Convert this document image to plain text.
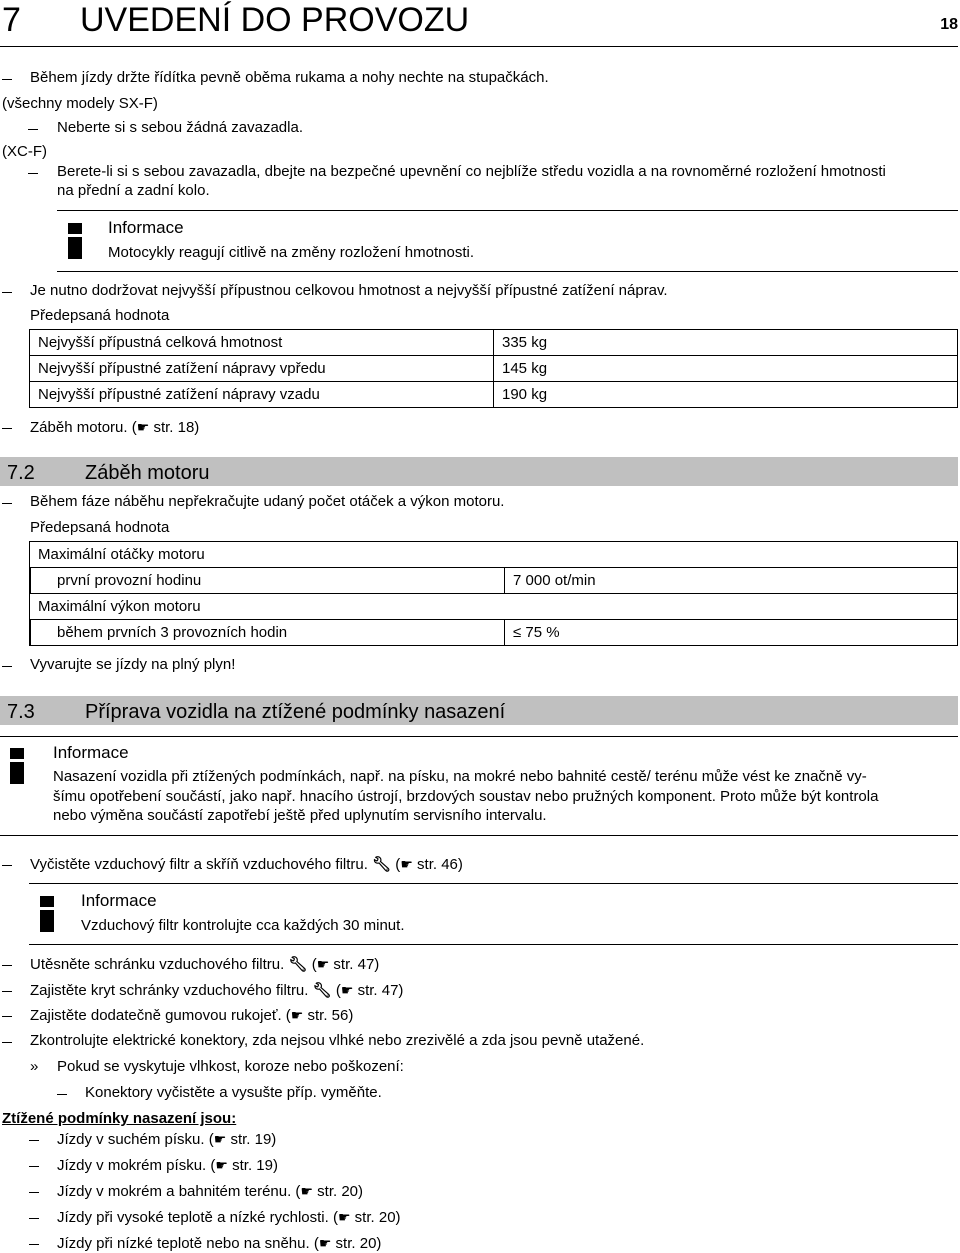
7 UVEDENÍ DO PROVOZU	18
Během jízdy držte řídítka pevně oběma rukama a nohy nechte na stupačkách.
(všechny modely SX-F)
Neberte si s sebou žádná zavazadla.
(XC-F)
Berete-li si s sebou zavazadla, dbejte na bezpečné upevnění co nejblíže středu vozidla a na rovnoměrné rozložení hmotnosti
na přední a zadní kolo.
Informace
Motocykly reagují citlivě na změny rozložení hmotnosti.
Je nutno dodržovat nejvyšší přípustnou celkovou hmotnost a nejvyšší přípustné zatížení náprav.
Předepsaná hodnota
Nejvyšší přípustná celková hmotnost	335 kg
Nejvyšší přípustné zatížení nápravy vpředu	145 kg
Nejvyšší přípustné zatížení nápravy vzadu	190 kg
Záběh motoru. (☛ str. 18)
7.2	Záběh motoru
Během fáze náběhu nepřekračujte udaný počet otáček a výkon motoru.
Předepsaná hodnota
Maximální otáčky motoru	
	první provozní hodinu	7 000 ot/min
Maximální výkon motoru	
	během prvních 3 provozních hodin	≤ 75 %
Vyvarujte se jízdy na plný plyn!
7.3	Příprava vozidla na ztížené podmínky nasazení
Informace
Nasazení vozidla při ztížených podmínkách, např. na písku, na mokré nebo bahnité cestě/ terénu může vést ke značně vy-
šímu opotřebení součástí, jako např. hnacího ústrojí, brzdových soustav nebo pružných komponent. Proto může být kontrola
nebo výměna součástí zapotřebí ještě před uplynutím servisního intervalu.
Vyčistěte vzduchový filtr a skříň vzduchového filtru. 🔧︎ (☛ str. 46)
Informace
Vzduchový filtr kontrolujte cca každých 30 minut.
Utěsněte schránku vzduchového filtru. 🔧︎ (☛ str. 47)
Zajistěte kryt schránky vzduchového filtru. 🔧︎ (☛ str. 47)
Zajistěte dodatečně gumovou rukojeť. (☛ str. 56)
Zkontrolujte elektrické konektory, zda nejsou vlhké nebo zrezivělé a zda jsou pevně utažené.
» Pokud se vyskytuje vlhkost, koroze nebo poškození:
Konektory vyčistěte a vysušte příp. vyměňte.
Ztížené podmínky nasazení jsou:
Jízdy v suchém písku. (☛ str. 19)
Jízdy v mokrém písku. (☛ str. 19)
Jízdy v mokrém a bahnitém terénu. (☛ str. 20)
Jízdy při vysoké teplotě a nízké rychlosti. (☛ str. 20)
Jízdy při nízké teplotě nebo na sněhu. (☛ str. 20)
